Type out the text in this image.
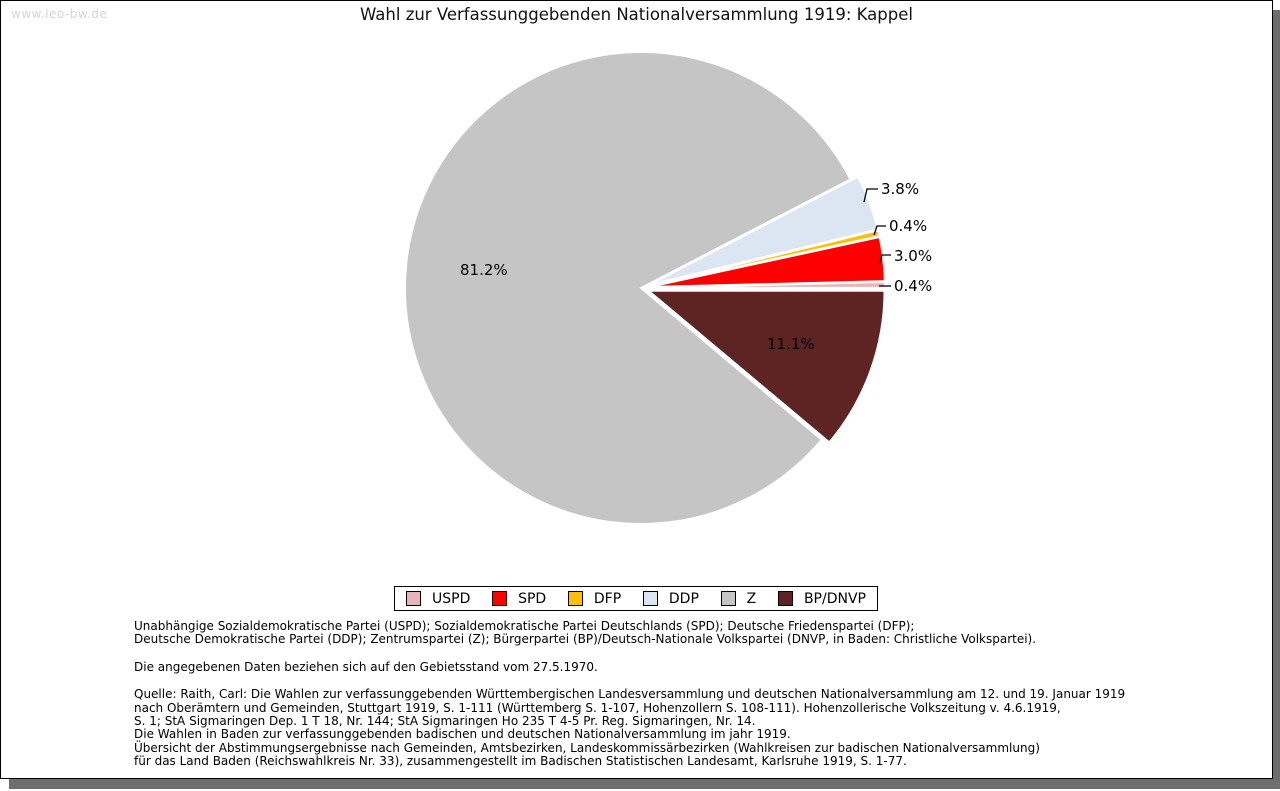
www.leo-bw.de	Wahl zur Verfassunggebenden Nationalversammlung 1919: Kappel
0.4%
3.0%
0.4%
3.8%
81.2%
11.1%
USPD	SPD	DFP	DDP	Z	BP/DNVP
Unabhängige Sozialdemokratische Partei (USPD); Sozialdemokratische Partei Deutschlands (SPD); Deutsche Friedenspartei (DFP);
Deutsche Demokratische Partei (DDP); Zentrumspartei (Z); Bürgerpartei (BP)/Deutsch-Nationale Volkspartei (DNVP, in Baden: Christliche Volkspartei).
Die angegebenen Daten beziehen sich auf den Gebietsstand vom 27.5.1970.
Quelle: Raith, Carl: Die Wahlen zur verfassunggebenden Württembergischen Landesversammlung und deutschen Nationalversammlung am 12. und 19. Januar 1919
nach Oberämtern und Gemeinden, Stuttgart 1919, S. 1-111 (Württemberg S. 1-107, Hohenzollern S. 108-111). Hohenzollerische Volkszeitung v. 4.6.1919,
S. 1; StA Sigmaringen Dep. 1 T 18, Nr. 144; StA Sigmaringen Ho 235 T 4-5 Pr. Reg. Sigmaringen, Nr. 14.
Die Wahlen in Baden zur verfassunggebenden badischen und deutschen Nationalversammlung im jahr 1919.
Übersicht der Abstimmungsergebnisse nach Gemeinden, Amtsbezirken, Landeskommissärbezirken (Wahlkreisen zur badischen Nationalversammlung)
für das Land Baden (Reichswahlkreis Nr. 33), zusammengestellt im Badischen Statistischen Landesamt, Karlsruhe 1919, S. 1-77.
